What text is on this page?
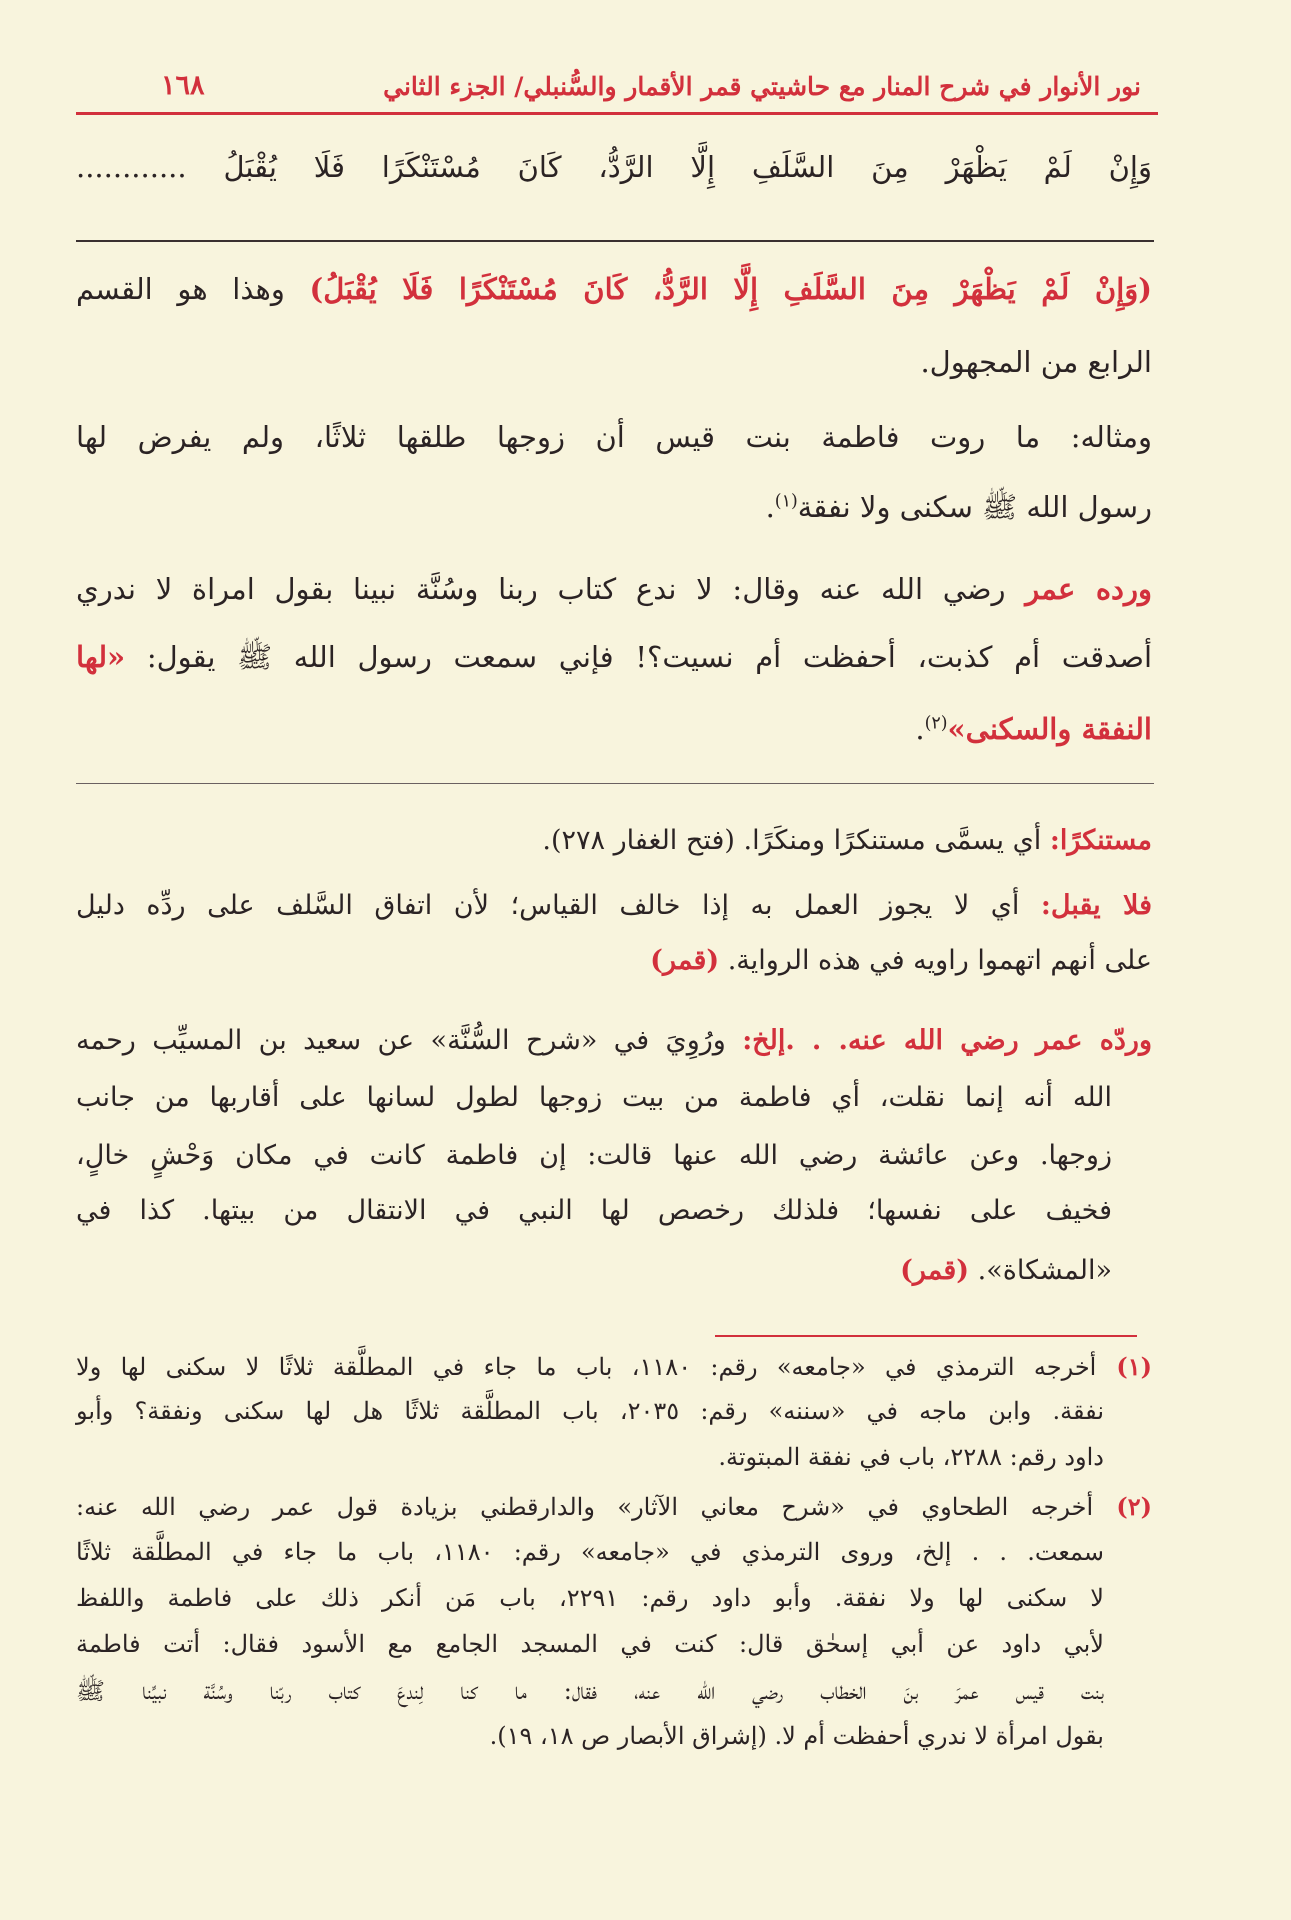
نور الأنوار في شرح المنار مع حاشيتي قمر الأقمار والسُّنبلي/ الجزء الثاني
١٦٨
وَإِنْ لَمْ يَظْهَرْ مِنَ السَّلَفِ إِلَّا الرَّدُّ، كَانَ مُسْتَنْكَرًا فَلَا يُقْبَلُ ............
(وَإِنْ لَمْ يَظْهَرْ مِنَ السَّلَفِ إِلَّا الرَّدُّ، كَانَ مُسْتَنْكَرًا فَلَا يُقْبَلُ) وهذا هو القسم
الرابع من المجهول.
ومثاله: ما روت فاطمة بنت قيس أن زوجها طلقها ثلاثًا، ولم يفرض لها
رسول الله ﷺ سكنى ولا نفقة$^{(١)}$.
ورده عمر رضي الله عنه وقال: لا ندع كتاب ربنا وسُنَّة نبينا بقول امراة لا ندري
أصدقت أم كذبت، أحفظت أم نسيت؟! فإني سمعت رسول الله ﷺ يقول: «لها
النفقة والسكنى»$^{(٢)}$.
مستنكرًا: أي يسمَّى مستنكرًا ومنكَرًا. (فتح الغفار ٢٧٨).
فلا يقبل: أي لا يجوز العمل به إذا خالف القياس؛ لأن اتفاق السَّلف على ردِّه دليل
على أنهم اتهموا راويه في هذه الرواية. (قمر)
وردّه عمر رضي الله عنه. . .إلخ: ورُوِيَ في «شرح السُّنَّة» عن سعيد بن المسيِّب رحمه
الله أنه إنما نقلت، أي فاطمة من بيت زوجها لطول لسانها على أقاربها من جانب
زوجها. وعن عائشة رضي الله عنها قالت: إن فاطمة كانت في مكان وَحْشٍ خالٍ،
فخيف على نفسها؛ فلذلك رخصص لها النبي في الانتقال من بيتها. كذا في
«المشكاة». (قمر)
(١) أخرجه الترمذي في «جامعه» رقم: ١١٨٠، باب ما جاء في المطلَّقة ثلاثًا لا سكنى لها ولا
نفقة. وابن ماجه في «سننه» رقم: ٢٠٣٥، باب المطلَّقة ثلاثًا هل لها سكنى ونفقة؟ وأبو
داود رقم: ٢٢٨٨، باب في نفقة المبتوتة.
(٢) أخرجه الطحاوي في «شرح معاني الآثار» والدارقطني بزيادة قول عمر رضي الله عنه:
سمعت. . . إلخ، وروى الترمذي في «جامعه» رقم: ١١٨٠، باب ما جاء في المطلَّقة ثلاثًا
لا سكنى لها ولا نفقة. وأبو داود رقم: ٢٢٩١، باب مَن أنكر ذلك على فاطمة واللفظ
لأبي داود عن أبي إسحٰق قال: كنت في المسجد الجامع مع الأسود فقال: أتت فاطمة
بنت قيس عمرَ بنَ الخطاب رضي الله عنه، فقال: ما كنا لِندعَ كتاب ربّنا وسُنَّة نبيِّنا ﷺ
بقول امرأة لا ندري أحفظت أم لا. (إشراق الأبصار ص ١٨، ١٩).
